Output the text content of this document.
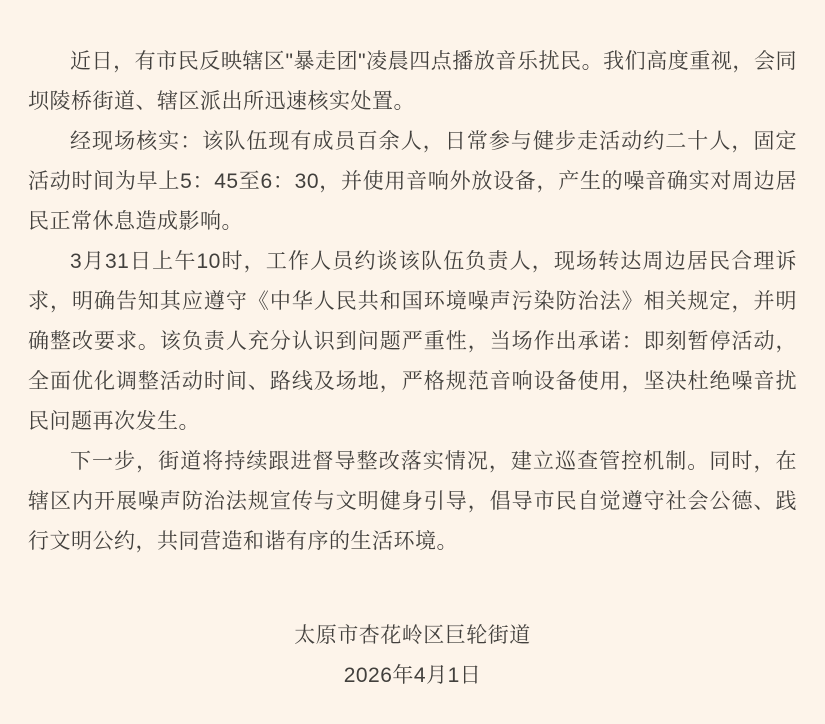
近日，有市民反映辖区"暴走团"凌晨四点播放音乐扰民。我们高度重视，会同坝陵桥街道、辖区派出所迅速核实处置。

经现场核实：该队伍现有成员百余人，日常参与健步走活动约二十人，固定活动时间为早上5：45至6：30，并使用音响外放设备，产生的噪音确实对周边居民正常休息造成影响。

3月31日上午10时，工作人员约谈该队伍负责人，现场转达周边居民合理诉求，明确告知其应遵守《中华人民共和国环境噪声污染防治法》相关规定，并明确整改要求。该负责人充分认识到问题严重性，当场作出承诺：即刻暂停活动，全面优化调整活动时间、路线及场地，严格规范音响设备使用，坚决杜绝噪音扰民问题再次发生。

下一步，街道将持续跟进督导整改落实情况，建立巡查管控机制。同时，在辖区内开展噪声防治法规宣传与文明健身引导，倡导市民自觉遵守社会公德、践行文明公约，共同营造和谐有序的生活环境。

太原市杏花岭区巨轮街道
2026年4月1日
